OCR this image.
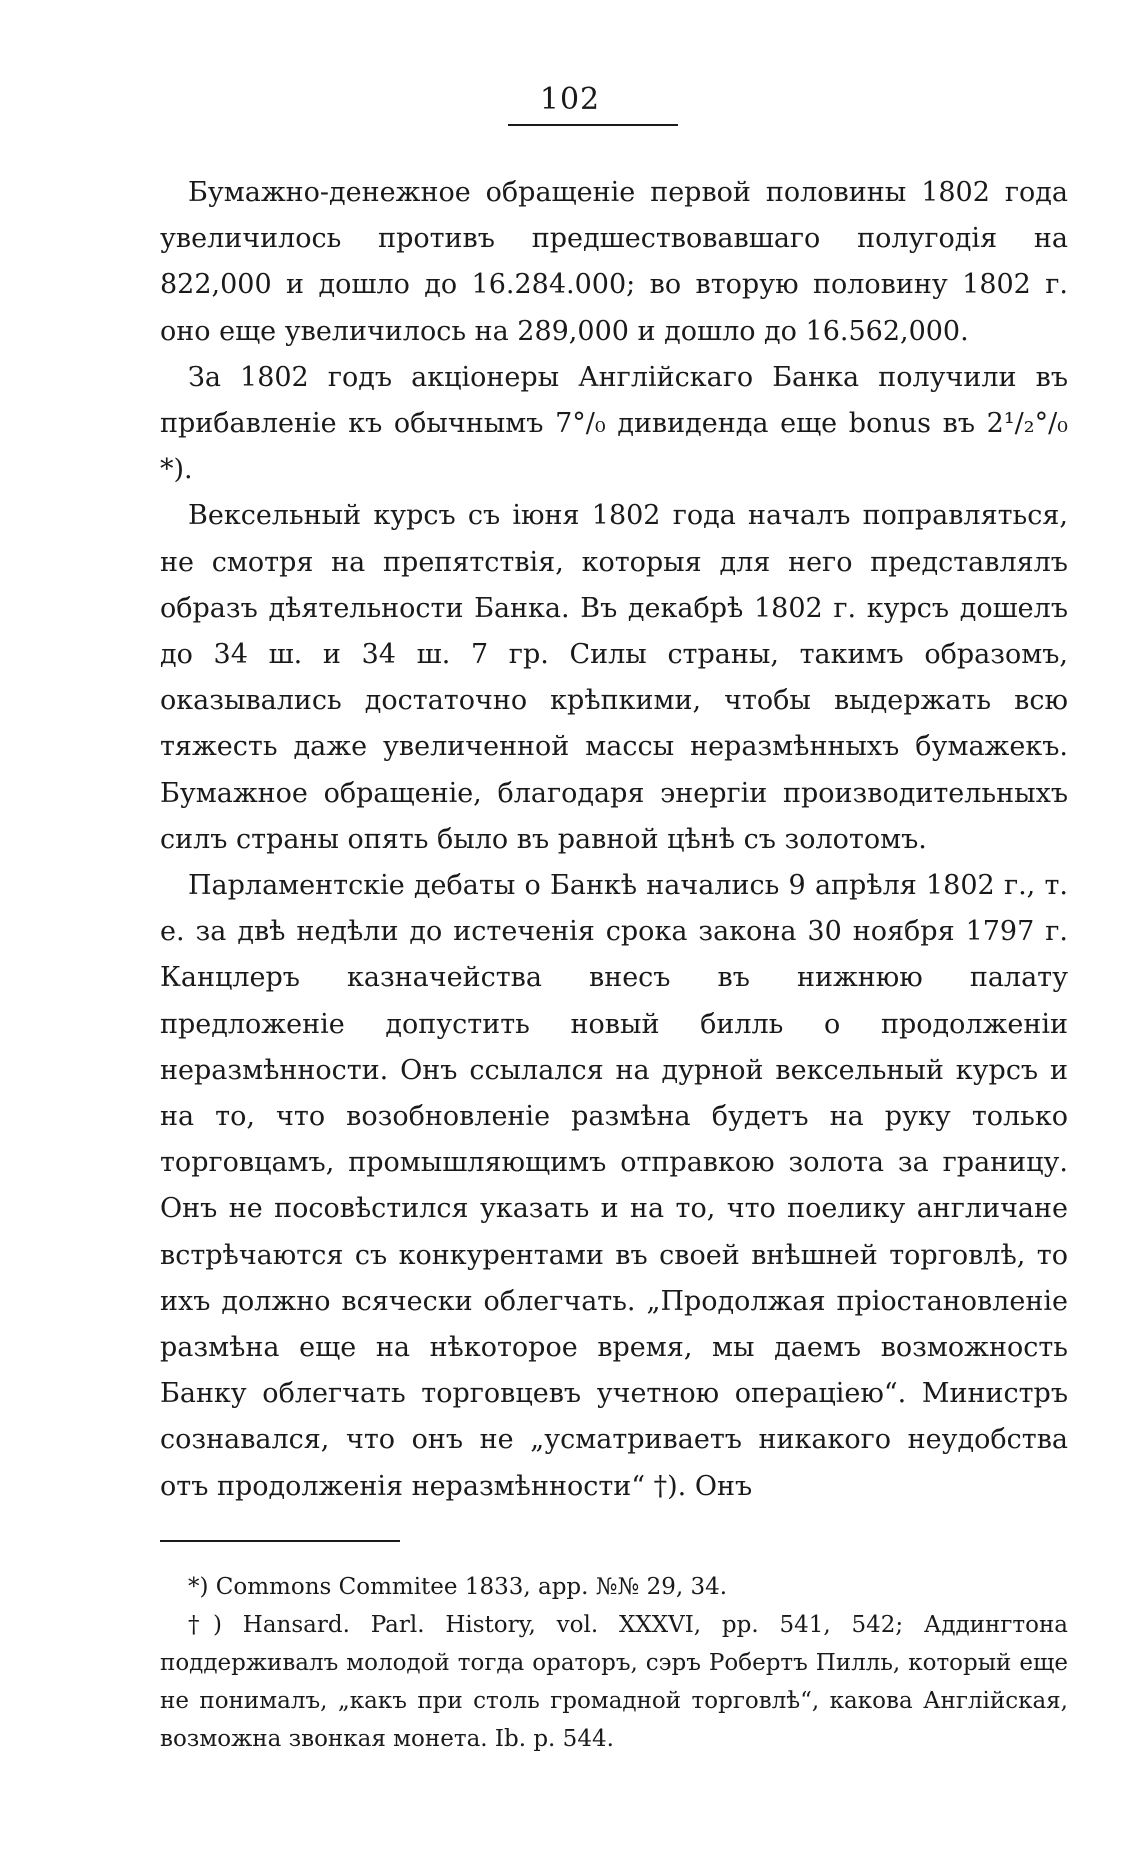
102

Бумажно-денежное обращеніе первой половины 1802 года увеличилось противъ предшествовавшаго полугодія на 822,000 и дошло до 16.284.000; во вторую половину 1802 г. оно еще увеличилось на 289,000 и дошло до 16.562,000.

За 1802 годъ акціонеры Англійскаго Банка получили въ прибавленіе къ обычнымъ 7°/₀ дивиденда еще bonus въ 2¹/₂°/₀ *).

Вексельный курсъ съ іюня 1802 года началъ поправляться, не смотря на препятствія, которыя для него представлялъ образъ дѣятельности Банка. Въ декабрѣ 1802 г. курсъ дошелъ до 34 ш. и 34 ш. 7 гр. Силы страны, такимъ образомъ, оказывались достаточно крѣпкими, чтобы выдержать всю тяжесть даже увеличенной массы неразмѣнныхъ бумажекъ. Бумажное обращеніе, благодаря энергіи производительныхъ силъ страны опять было въ равной цѣнѣ съ золотомъ.

Парламентскіе дебаты о Банкѣ начались 9 апрѣля 1802 г., т. е. за двѣ недѣли до истеченія срока закона 30 ноября 1797 г. Канцлеръ казначейства внесъ въ нижнюю палату предложеніе допустить новый билль о продолженіи неразмѣнности. Онъ ссылался на дурной вексельный курсъ и на то, что возобновленіе размѣна будетъ на руку только торговцамъ, промышляющимъ отправкою золота за границу. Онъ не посовѣстился указать и на то, что поелику англичане встрѣчаются съ конкурентами въ своей внѣшней торговлѣ, то ихъ должно всячески облегчать. „Продолжая пріостановленіе размѣна еще на нѣкоторое время, мы даемъ возможность Банку облегчать торговцевъ учетною операціею“. Министръ сознавался, что онъ не „усматриваетъ никакого неудобства отъ продолженія неразмѣнности“ †). Онъ

*) Commons Commitee 1833, app. №№ 29, 34.

†) Hansard. Parl. History, vol. XXXVI, pp. 541, 542; Аддингтона поддерживалъ молодой тогда ораторъ, сэръ Робертъ Пилль, который еще не понималъ, „какъ при столь громадной торговлѣ“, какова Англійская, возможна звонкая монета. Ib. p. 544.
